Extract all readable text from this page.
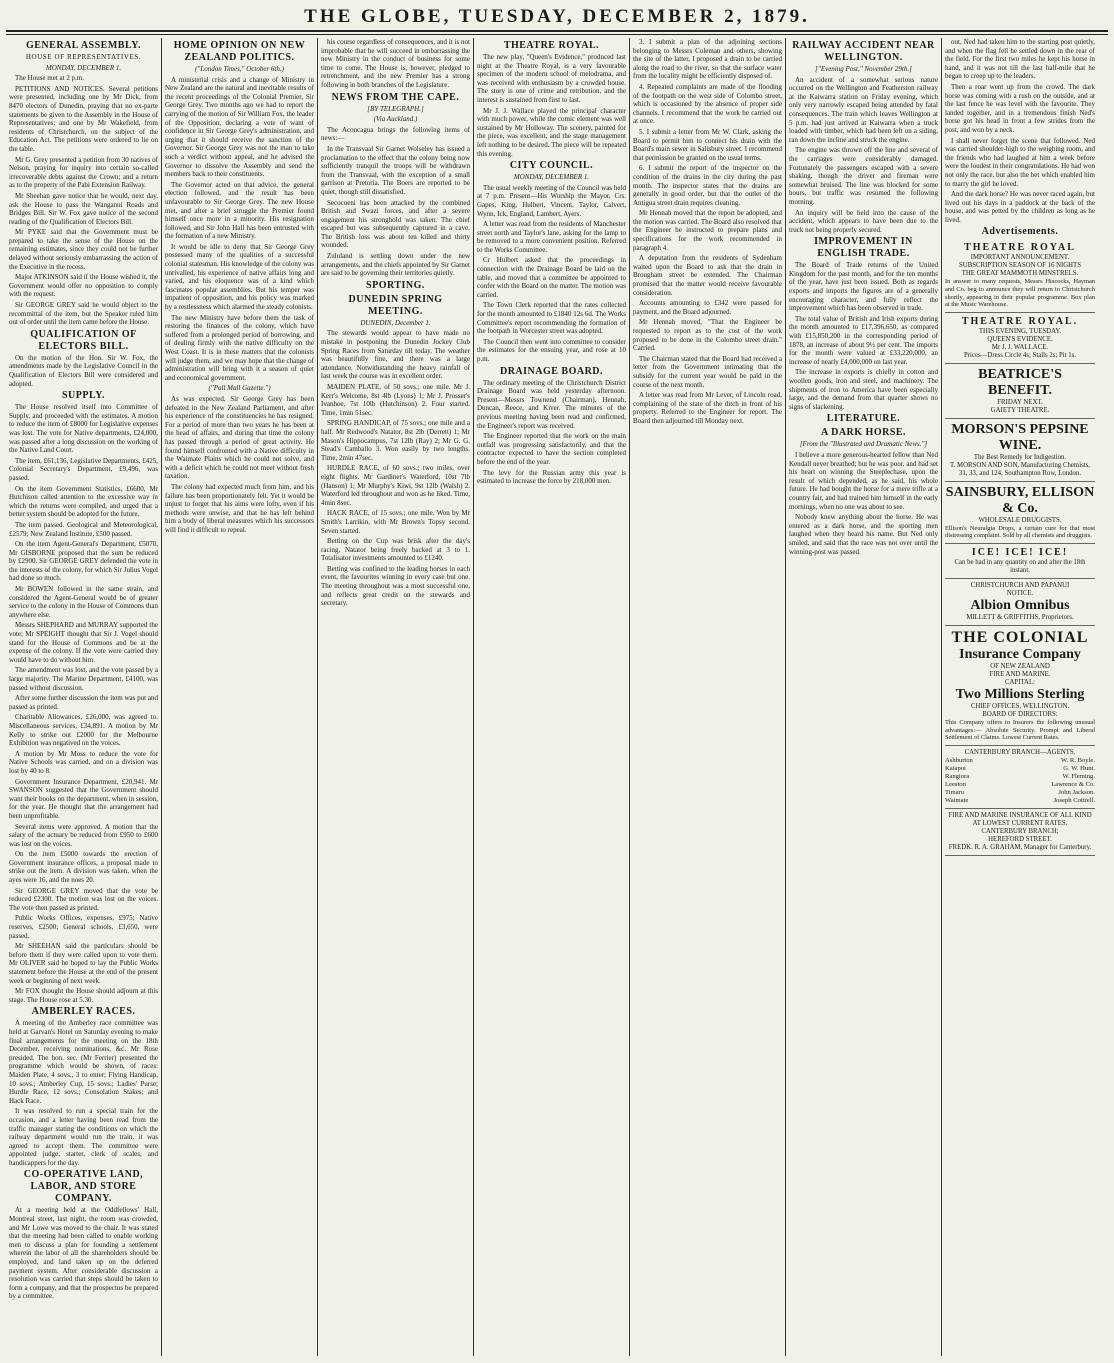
THE GLOBE, TUESDAY, DECEMBER 2, 1879.
GENERAL ASSEMBLY.
HOUSE OF REPRESENTATIVES.
MONDAY, DECEMBER 1.
The House met at 2 p.m.
PETITIONS AND NOTICES. Several petitions were presented, including one by Mr Dick, from 8470 electors of Dunedin, praying that no ex-parte statements be given to the Assembly in the House of Representatives; and one by Mr Wakefield, from residents of Christchurch, on the subject of the Education Act. The petitions were ordered to lie on the table.
Mr G. Grey presented a petition from 30 natives of Nelson, praying for inquiry into certain so-called irrecoverable debts against the Crown; and a return as to the property of the Pabi Extension Railway.
Mr Sheehan gave notice that he would, next day, ask the House to pass the Wanganui Roads and Bridges Bill. Sir W. Fox gave notice of the second reading of the Qualification of Electors Bill.
Mr PYKE said that the Government must be prepared to take the sense of the House on the remaining estimates, since they could not be further delayed without seriously embarrassing the action of the Executive in the recess.
Major ATKINSON said if the House wished it, the Government would offer no opposition to comply with the request.
Sir GEORGE GREY said he would object to the recommittal of the item, but the Speaker ruled him out of order until the item came before the House.
QUALIFICATION OF ELECTORS BILL.
On the motion of the Hon. Sir W. Fox, the amendments made by the Legislative Council in the Qualification of Electors Bill were considered and adopted.
SUPPLY.
The House resolved itself into Committee of Supply, and proceeded with the estimates. A motion to reduce the item of £8000 for Legislative expenses was lost. The vote for Native departments, £24,000, was passed after a long discussion on the working of the Native Land Court.
The item, £61,136, Legislative Departments, £425, Colonial Secretary's Department, £9,496, was passed.
On the item Government Statistics, £6600, Mr Hutchison called attention to the excessive way in which the returns were compiled, and urged that a better system should be adopted for the future.
The item passed. Geological and Meteorological, £2579; New Zealand Institute, £500 passed.
On the item Agent-General's Department, £5070, Mr GISBORNE proposed that the sum be reduced by £2900. Sir GEORGE GREY defended the vote in the interests of the colony, for which Sir Julius Vogel had done so much.
Mr BOWEN followed in the same strain, and considered the Agent-General would be of greater service to the colony in the House of Commons than anywhere else.
Messrs SHEPHARD and MURRAY supported the vote; Mr SPEIGHT thought that Sir J. Vogel should stand for the House of Commons and be at the expense of the colony. If the vote were carried they would have to do without him.
The amendment was lost, and the vote passed by a large majority. The Marine Department, £4100, was passed without discussion.
After some further discussion the item was put and passed as printed.
Charitable Allowances, £26,000, was agreed to. Miscellaneous services, £34,891. A motion by Mr Kelly to strike out £2000 for the Melbourne Exhibition was negatived on the voices.
A motion by Mr Moss to reduce the vote for Native Schools was carried, and on a division was lost by 40 to 8.
Government Insurance Department, £20,941. Mr SWANSON suggested that the Government should want their books on the department, when in session, for the year. He thought that the arrangement had been unprofitable.
Several items were approved. A motion that the salary of the actuary be reduced from £950 to £600 was lost on the voices.
On the item £5000 towards the erection of Government insurance offices, a proposal made to strike out the item. A division was taken, when the ayes were 16, and the noes 20.
Sir GEORGE GREY moved that the vote be reduced £2300. The motion was lost on the voices. The vote then passed as printed.
Public Works Offices, expenses, £975; Native reserves, £2500; General schools, £3,650, were passed.
Mr SHEEHAN said the particulars should be before them if they were called upon to vote them. Mr OLIVER said he hoped to lay the Public Works statement before the House at the end of the present week or beginning of next week.
Mr FOX thought the House should adjourn at this stage. The House rose at 5.30.
AMBERLEY RACES.
A meeting of the Amberley race committee was held at Garvan's Hotel on Saturday evening to make final arrangements for the meeting on the 18th December, receiving nominations, &c. Mr Rose presided. The hon. sec. (Mr Ferrier) presented the programme which would be shown, of races: Maiden Plate, 4 sovs., 3 to enter; Flying Handicap, 10 sovs.; Amberley Cup, 15 sovs.; Ladies' Purse; Hurdle Race, 12 sovs.; Consolation Stakes; and Hack Race.
It was resolved to run a special train for the occasion, and a letter having been read from the traffic manager stating the conditions on which the railway department would run the train, it was agreed to accept them. The committee were appointed judge, starter, clerk of scales, and handicappers for the day.
CO-OPERATIVE LAND, LABOR, AND STORE COMPANY.
At a meeting held at the Oddfellows' Hall, Montreal street, last night, the room was crowded, and Mr Lowe was moved to the chair. It was stated that the meeting had been called to enable working men to discuss a plan for founding a settlement wherein the labor of all the shareholders should be employed, and land taken up on the deferred payment system. After considerable discussion a resolution was carried that steps should be taken to form a company, and that the prospectus be prepared by a committee.
HOME OPINION ON NEW ZEALAND POLITICS.
("London Times," October 6th.)
A ministerial crisis and a change of Ministry in New Zealand are the natural and inevitable results of the recent proceedings of the Colonial Premier, Sir George Grey. Two months ago we had to report the carrying of the motion of Sir William Fox, the leader of the Opposition, declaring a vote of want of confidence in Sir George Grey's administration, and urging that it should receive the sanction of the Governor. Sir George Grey was not the man to take such a verdict without appeal, and he advised the Governor to dissolve the Assembly and send the members back to their constituents.
The Governor acted on that advice, the general election followed, and the result has been unfavourable to Sir George Grey. The new House met, and after a brief struggle the Premier found himself once more in a minority. His resignation followed, and Sir John Hall has been entrusted with the formation of a new Ministry.
It would be idle to deny that Sir George Grey possessed many of the qualities of a successful colonial statesman. His knowledge of the colony was unrivalled, his experience of native affairs long and varied, and his eloquence was of a kind which fascinates popular assemblies. But his temper was impatient of opposition, and his policy was marked by a restlessness which alarmed the steady colonists.
The new Ministry have before them the task of restoring the finances of the colony, which have suffered from a prolonged period of borrowing, and of dealing firmly with the native difficulty on the West Coast. It is in these matters that the colonists will judge them, and we may hope that the change of administration will bring with it a season of quiet and economical government.
("Pall Mall Gazette.")
As was expected, Sir George Grey has been defeated in the New Zealand Parliament, and after his experience of the constituencies he has resigned. For a period of more than two years he has been at the head of affairs, and during that time the colony has passed through a period of great activity. He found himself confronted with a Native difficulty in the Waimate Plains which he could not solve, and with a deficit which he could not meet without fresh taxation.
The colony had expected much from him, and his failure has been proportionately felt. Yet it would be unjust to forget that his aims were lofty, even if his methods were unwise, and that he has left behind him a body of liberal measures which his successors will find it difficult to repeal.
his course regardless of consequences, and it is not improbable that he will succeed in embarrassing the new Ministry in the conduct of business for some time to come. The House is, however, pledged to retrenchment, and the new Premier has a strong following in both branches of the Legislature.
NEWS FROM THE CAPE.
[BY TELEGRAPH.]
(Via Auckland.)
The Aconcagua brings the following items of news:—
In the Transvaal Sir Garnet Wolseley has issued a proclamation to the effect that the colony being now sufficiently tranquil the troops will be withdrawn from the Transvaal, with the exception of a small garrison at Pretoria. The Boers are reported to be quiet, though still dissatisfied.
Secocoeni has been attacked by the combined British and Swazi forces, and after a severe engagement his stronghold was taken. The chief escaped but was subsequently captured in a cave. The British loss was about ten killed and thirty wounded.
Zululand is settling down under the new arrangements, and the chiefs appointed by Sir Garnet are said to be governing their territories quietly.
SPORTING.
DUNEDIN SPRING MEETING.
DUNEDIN, December 1.
The stewards would appear to have made no mistake in postponing the Dunedin Jockey Club Spring Races from Saturday till today. The weather was beautifully fine, and there was a large attendance. Notwithstanding the heavy rainfall of last week the course was in excellent order.
MAIDEN PLATE, of 50 sovs.; one mile. Mr J. Kerr's Welcome, 8st 4lb (Lyons) 1; Mr J. Prosser's Ivanhoe, 7st 10lb (Hutchinson) 2. Four started. Time, 1min 51sec.
SPRING HANDICAP, of 75 sovs.; one mile and a half. Mr Redwood's Natator, 8st 2lb (Derrett) 1; Mr Mason's Hippocampus, 7st 12lb (Ray) 2; Mr G. G. Stead's Camballo 3. Won easily by two lengths. Time, 2min 47sec.
HURDLE RACE, of 60 sovs.; two miles, over eight flights. Mr Gardiner's Waterford, 10st 7lb (Hanson) 1; Mr Murphy's Kiwi, 9st 12lb (Walsh) 2. Waterford led throughout and won as he liked. Time, 4min 8sec.
HACK RACE, of 15 sovs.; one mile. Won by Mr Smith's Larrikin, with Mr Brown's Topsy second. Seven started.
Betting on the Cup was brisk after the day's racing, Natator being freely backed at 3 to 1. Totalisator investments amounted to £1240.
Betting was confined to the leading horses in each event, the favourites winning in every case but one. The meeting throughout was a most successful one, and reflects great credit on the stewards and secretary.
THEATRE ROYAL.
The new play, "Queen's Evidence," produced last night at the Theatre Royal, is a very favourable specimen of the modern school of melodrama, and was received with enthusiasm by a crowded house. The story is one of crime and retribution, and the interest is sustained from first to last.
Mr J. J. Wallace played the principal character with much power, while the comic element was well sustained by Mr Holloway. The scenery, painted for the piece, was excellent, and the stage management left nothing to be desired. The piece will be repeated this evening.
CITY COUNCIL.
MONDAY, DECEMBER 1.
The usual weekly meeting of the Council was held at 7 p.m. Present—His Worship the Mayor, Crs. Gapes, King, Hulbert, Vincent, Taylor, Calvert, Wynn, Ick, England, Lambert, Ayers.
A letter was read from the residents of Manchester street north and Taylor's lane, asking for the lamp to be removed to a more convenient position. Referred to the Works Committee.
Cr Hulbert asked that the proceedings in connection with the Drainage Board be laid on the table, and moved that a committee be appointed to confer with the Board on the matter. The motion was carried.
The Town Clerk reported that the rates collected for the month amounted to £1840 12s 6d. The Works Committee's report recommending the formation of the footpath in Worcester street was adopted.
The Council then went into committee to consider the estimates for the ensuing year, and rose at 10 p.m.
DRAINAGE BOARD.
The ordinary meeting of the Christchurch District Drainage Board was held yesterday afternoon. Present—Messrs Townend (Chairman), Hennah, Duncan, Reece, and Kiver. The minutes of the previous meeting having been read and confirmed, the Engineer's report was received.
The Engineer reported that the work on the main outfall was progressing satisfactorily, and that the contractor expected to have the section completed before the end of the year.
The levy for the Russian army this year is estimated to increase the force by 218,000 men.
3. I submit a plan of the adjoining sections belonging to Messrs Coleman and others, showing the site of the latter, I proposed a drain to be carried along the road to the river, so that the surface water from the locality might be efficiently disposed of.
4. Repeated complaints are made of the flooding of the footpath on the west side of Colombo street, which is occasioned by the absence of proper side channels. I recommend that the work be carried out at once.
5. I submit a letter from Mr W. Clark, asking the Board to permit him to connect his drain with the Board's main sewer in Salisbury street. I recommend that permission be granted on the usual terms.
6. I submit the report of the inspector on the condition of the drains in the city during the past month. The inspector states that the drains are generally in good order, but that the outlet of the Antigua street drain requires cleaning.
Mr Hennah moved that the report be adopted, and the motion was carried. The Board also resolved that the Engineer be instructed to prepare plans and specifications for the work recommended in paragraph 4.
A deputation from the residents of Sydenham waited upon the Board to ask that the drain in Brougham street be extended. The Chairman promised that the matter would receive favourable consideration.
Accounts amounting to £342 were passed for payment, and the Board adjourned.
Mr Hennah moved, "That the Engineer be requested to report as to the cost of the work proposed to be done in the Colombo street drain." Carried.
The Chairman stated that the Board had received a letter from the Government intimating that the subsidy for the current year would be paid in the course of the next month.
A letter was read from Mr Lever, of Lincoln road, complaining of the state of the ditch in front of his property. Referred to the Engineer for report. The Board then adjourned till Monday next.
RAILWAY ACCIDENT NEAR WELLINGTON.
["Evening Post," November 29th.]
An accident of a somewhat serious nature occurred on the Wellington and Featherston railway at the Kaiwarra station on Friday evening, which only very narrowly escaped being attended by fatal consequences. The train which leaves Wellington at 5 p.m. had just arrived at Kaiwarra when a truck loaded with timber, which had been left on a siding, ran down the incline and struck the engine.
The engine was thrown off the line and several of the carriages were considerably damaged. Fortunately the passengers escaped with a severe shaking, though the driver and fireman were somewhat bruised. The line was blocked for some hours, but traffic was resumed the following morning.
An inquiry will be held into the cause of the accident, which appears to have been due to the truck not being properly secured.
IMPROVEMENT IN ENGLISH TRADE.
The Board of Trade returns of the United Kingdom for the past month, and for the ten months of the year, have just been issued. Both as regards exports and imports the figures are of a generally encouraging character, and fully reflect the improvement which has been observed in trade.
The total value of British and Irish exports during the month amounted to £17,396,650, as compared with £15,850,200 in the corresponding period of 1878, an increase of about 9½ per cent. The imports for the month were valued at £33,220,000, an increase of nearly £4,000,000 on last year.
The increase in exports is chiefly in cotton and woollen goods, iron and steel, and machinery. The shipments of iron to America have been especially large, and the demand from that quarter shows no signs of slackening.
LITERATURE.
A DARK HORSE.
[From the "Illustrated and Dramatic News."]
I believe a more generous-hearted fellow than Ned Kendall never breathed; but he was poor, and had set his heart on winning the Steeplechase, upon the result of which depended, as he said, his whole future. He had bought the horse for a mere trifle at a country fair, and had trained him himself in the early mornings, when no one was about to see.
Nobody knew anything about the horse. He was entered as a dark horse, and the sporting men laughed when they heard his name. But Ned only smiled, and said that the race was not over until the winning-post was passed.
out, Ned had taken him to the starting post quietly, and when the flag fell he settled down in the rear of the field. For the first two miles he kept his horse in hand, and it was not till the last half-mile that he began to creep up to the leaders.
Then a roar went up from the crowd. The dark horse was coming with a rush on the outside, and at the last fence he was level with the favourite. They landed together, and in a tremendous finish Ned's horse got his head in front a few strides from the post, and won by a neck.
I shall never forget the scene that followed. Ned was carried shoulder-high to the weighing room, and the friends who had laughed at him a week before were the loudest in their congratulations. He had won not only the race, but also the bet which enabled him to marry the girl he loved.
And the dark horse? He was never raced again, but lived out his days in a paddock at the back of the house, and was petted by the children as long as he lived.
Advertisements.
THEATRE ROYAL
IMPORTANT ANNOUNCEMENT.
SUBSCRIPTION SEASON OF 16 NIGHTS
THE GREAT MAMMOTH MINSTRELS.
In answer to many requests, Messrs Hiscocks, Hayman and Co. beg to announce they will return to Christchurch shortly, appearing in their popular programme. Box plan at the Music Warehouse.
THEATRE ROYAL.
THIS EVENING, TUESDAY.
QUEEN'S EVIDENCE.
Mr J. J. WALLACE.
Prices—Dress Circle 4s; Stalls 2s; Pit 1s.
BEATRICE'S BENEFIT.
FRIDAY NEXT.
GAIETY THEATRE.
MORSON'S PEPSINE WINE.
The Best Remedy for Indigestion.
T. MORSON AND SON, Manufacturing Chemists, 31, 33, and 124, Southampton Row, London.
SAINSBURY, ELLISON & Co.
WHOLESALE DRUGGISTS.
Ellison's Neuralgia Drops, a certain cure for that most distressing complaint. Sold by all chemists and druggists.
ICE! ICE! ICE!
Can be had in any quantity on and after the 18th instant.
CHRISTCHURCH AND PAPANUI
NOTICE.
Albion Omnibus
MILLETT & GRIFFITHS, Proprietors.
THE COLONIAL
Insurance Company
OF NEW ZEALAND
FIRE AND MARINE.
CAPITAL:
Two Millions Sterling
CHIEF OFFICES, WELLINGTON.
BOARD OF DIRECTORS:
This Company offers to Insurers the following unusual advantages:— Absolute Security. Prompt and Liberal Settlement of Claims. Lowest Current Rates.
CANTERBURY BRANCH—AGENTS.
Ashburton	W. R. Boyle.
Kaiapoi	G. W. Hunt.
Rangiora	W. Fleming.
Leeston	Lawrence & Co.
Timaru	John Jackson.
Waimate	Joseph Cottrell.
FIRE AND MARINE INSURANCE OF ALL KIND
AT LOWEST CURRENT RATES.
CANTERBURY BRANCH;
HEREFORD STREET.
FREDK. R. A. GRAHAM, Manager for Canterbury.
